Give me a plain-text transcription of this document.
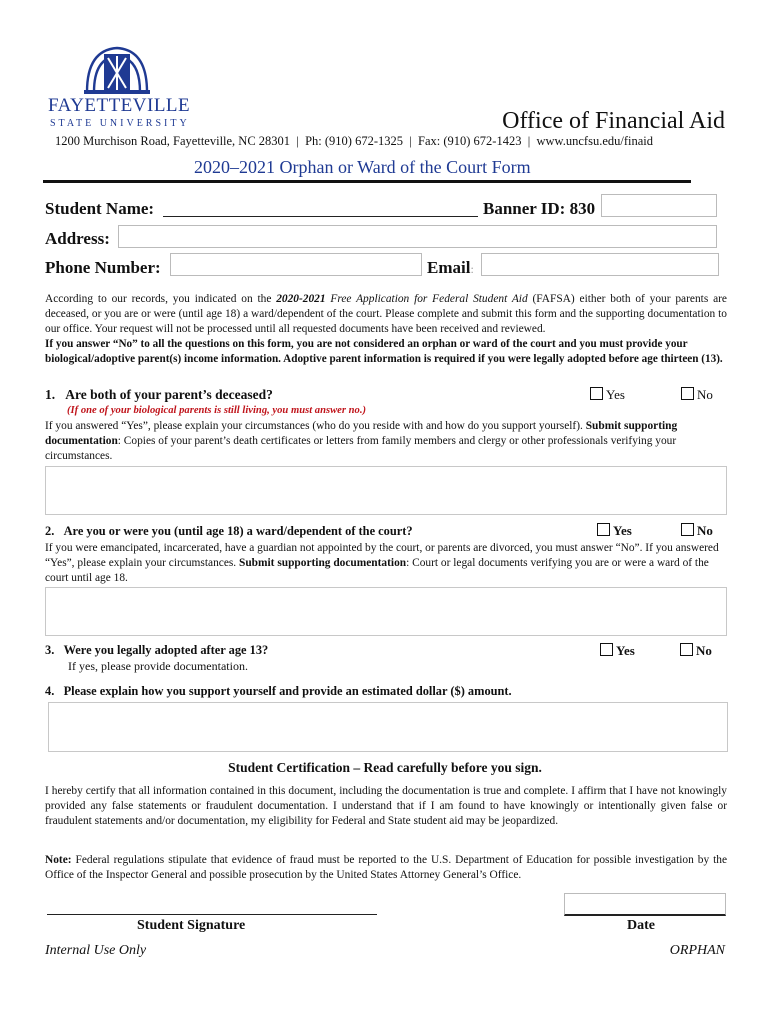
FAYETTEVILLE
STATE UNIVERSITY	Office of Financial Aid
1200 Murchison Road, Fayetteville, NC 28301  |  Ph: (910) 672-1325  |  Fax: (910) 672-1423  |  www.uncfsu.edu/finaid
2020–2021 Orphan or Ward of the Court Form
Student Name:	Banner ID: 830
Address:
Phone Number:	Email:
According to our records, you indicated on the 2020-2021 Free Application for Federal Student Aid (FAFSA) either both of your parents are deceased, or you are or were (until age 18) a ward/dependent of the court. Please complete and submit this form and the supporting documentation to our office. Your request will not be processed until all requested documents have been received and reviewed.
If you answer “No” to all the questions on this form, you are not considered an orphan or ward of the court and you must provide your biological/adoptive parent(s) income information. Adoptive parent information is required if you were legally adopted before age thirteen (13).
1. Are both of your parent’s deceased?	Yes	No
(If one of your biological parents is still living, you must answer no.)
If you answered “Yes”, please explain your circumstances (who do you reside with and how do you support yourself). Submit supporting documentation: Copies of your parent’s death certificates or letters from family members and clergy or other professionals verifying your circumstances.
2. Are you or were you (until age 18) a ward/dependent of the court?	Yes	No
If you were emancipated, incarcerated, have a guardian not appointed by the court, or parents are divorced, you must answer “No”. If you answered “Yes”, please explain your circumstances. Submit supporting documentation: Court or legal documents verifying you are or were a ward of the court until age 18.
3. Were you legally adopted after age 13?
If yes, please provide documentation.
Yes	No
4. Please explain how you support yourself and provide an estimated dollar ($) amount.
Student Certification – Read carefully before you sign.
I hereby certify that all information contained in this document, including the documentation is true and complete. I affirm that I have not knowingly provided any false statements or fraudulent documentation. I understand that if I am found to have knowingly or intentionally given false or fraudulent statements and/or documentation, my eligibility for Federal and State student aid may be jeopardized.
Note: Federal regulations stipulate that evidence of fraud must be reported to the U.S. Department of Education for possible investigation by the Office of the Inspector General and possible prosecution by the United States Attorney General’s Office.
Student Signature	Date
Internal Use Only	ORPHAN
